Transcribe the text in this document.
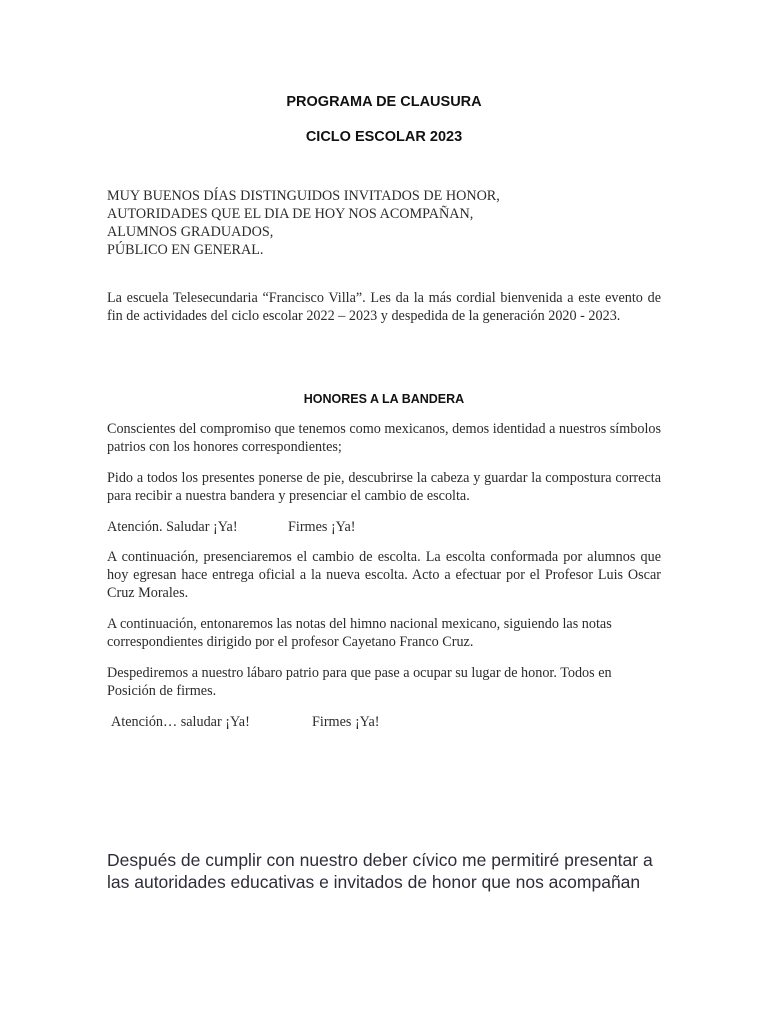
PROGRAMA DE CLAUSURA
CICLO ESCOLAR 2023
MUY BUENOS DÍAS DISTINGUIDOS INVITADOS DE HONOR,
AUTORIDADES QUE EL DIA DE HOY NOS ACOMPAÑAN,
ALUMNOS GRADUADOS,
PÚBLICO EN GENERAL.
La escuela Telesecundaria “Francisco Villa”. Les da la más cordial bienvenida a este evento de fin de actividades del ciclo escolar 2022 – 2023 y despedida de la generación 2020 - 2023.
HONORES A LA BANDERA
Conscientes del compromiso que tenemos como mexicanos, demos identidad a nuestros símbolos patrios con los honores correspondientes;
Pido a todos los presentes ponerse de pie, descubrirse la cabeza y guardar la compostura correcta para recibir a nuestra bandera y presenciar el cambio de escolta.
Atención. Saludar ¡Ya!	Firmes ¡Ya!
A continuación, presenciaremos el cambio de escolta. La escolta conformada por alumnos que hoy egresan hace entrega oficial a la nueva escolta. Acto a efectuar por el Profesor Luis Oscar Cruz Morales.
A continuación, entonaremos las notas del himno nacional mexicano, siguiendo las notas correspondientes dirigido por el profesor Cayetano Franco Cruz.
Despediremos a nuestro lábaro patrio para que pase a ocupar su lugar de honor. Todos en Posición de firmes.
Atención… saludar ¡Ya!	Firmes ¡Ya!
Después de cumplir con nuestro deber cívico me permitiré presentar a las autoridades educativas e invitados de honor que nos acompañan
